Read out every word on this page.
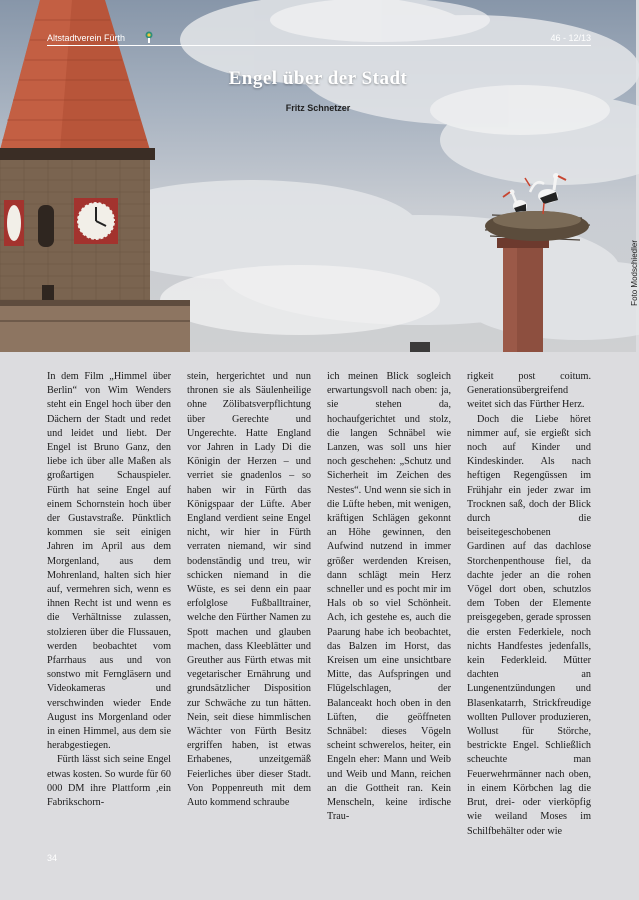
Altstadtverein Fürth	46 - 12/13
Engel über der Stadt
Fritz Schnetzer
Foto Modschiedler

In dem Film „Himmel über Berlin“ von Wim Wenders steht ein Engel hoch über den Dächern der Stadt und redet und leidet und liebt. Der Engel ist Bruno Ganz, den liebe ich über alle Maßen als großartigen Schauspieler. Fürth hat seine Engel auf einem Schornstein hoch über der Gustavstraße. Pünktlich kommen sie seit einigen Jahren im April aus dem Morgenland, aus dem Mohrenland, halten sich hier auf, vermehren sich, wenn es ihnen Recht ist und wenn es die Verhältnisse zulassen, stolzieren über die Flussauen, werden beobachtet vom Pfarrhaus aus und von sonstwo mit Ferngläsern und Videokameras und verschwinden wieder Ende August ins Morgenland oder in einen Himmel, aus dem sie herabgestiegen.

Fürth lässt sich seine Engel etwas kosten. So wurde für 60 000 DM ihre Plattform ,ein Fabrikschorn-

stein, hergerichtet und nun thronen sie als Säulenheilige ohne Zölibatsverpflichtung über Gerechte und Ungerechte. Hatte England vor Jahren in Lady Di die Königin der Herzen – und verriet sie gnadenlos – so haben wir in Fürth das Königspaar der Lüfte. Aber England verdient seine Engel nicht, wir hier in Fürth verraten niemand, wir sind bodenständig und treu, wir schicken niemand in die Wüste, es sei denn ein paar erfolglose Fußballtrainer, welche den Fürther Namen zu Spott machen und glauben machen, dass Kleeblätter und Greuther aus Fürth etwas mit vegetarischer Ernährung und grundsätzlicher Disposition zur Schwäche zu tun hätten. Nein, seit diese himmlischen Wächter von Fürth Besitz ergriffen haben, ist etwas Erhabenes, unzeitgemäß Feierliches über dieser Stadt. Von Poppenreuth mit dem Auto kommend schraube

ich meinen Blick sogleich erwartungsvoll nach oben: ja, sie stehen da, hochaufgerichtet und stolz, die langen Schnäbel wie Lanzen, was soll uns hier noch geschehen: „Schutz und Sicherheit im Zeichen des Nestes“. Und wenn sie sich in die Lüfte heben, mit wenigen, kräftigen Schlägen gekonnt an Höhe gewinnen, den Aufwind nutzend in immer größer werdenden Kreisen, dann schlägt mein Herz schneller und es pocht mir im Hals ob so viel Schönheit. Ach, ich gestehe es, auch die Paarung habe ich beobachtet, das Balzen im Horst, das Kreisen um eine unsichtbare Mitte, das Aufspringen und Flügelschlagen, der Balanceakt hoch oben in den Lüften, die geöffneten Schnäbel: dieses Vögeln scheint schwerelos, heiter, ein Engeln eher: Mann und Weib und Weib und Mann, reichen an die Gottheit ran. Kein Menscheln, keine irdische Trau-

rigkeit post coitum. Generationsübergreifend weitet sich das Fürther Herz.

Doch die Liebe höret nimmer auf, sie ergießt sich noch auf Kinder und Kindeskinder. Als nach heftigen Regengüssen im Frühjahr ein jeder zwar im Trocknen saß, doch der Blick durch die beiseitegeschobenen Gardinen auf das dachlose Storchenpenthouse fiel, da dachte jeder an die rohen Vögel dort oben, schutzlos dem Toben der Elemente preisgegeben, gerade sprossen die ersten Federkiele, noch nichts Handfestes jedenfalls, kein Federkleid. Mütter dachten an Lungenentzündungen und Blasenkatarrh, Strickfreudige wollten Pullover produzieren, Wollust für Störche, bestrickte Engel. Schließlich scheuchte man Feuerwehrmänner nach oben, in einem Körbchen lag die Brut, drei- oder vierköpfig wie weiland Moses im Schilfbehälter oder wie

34
